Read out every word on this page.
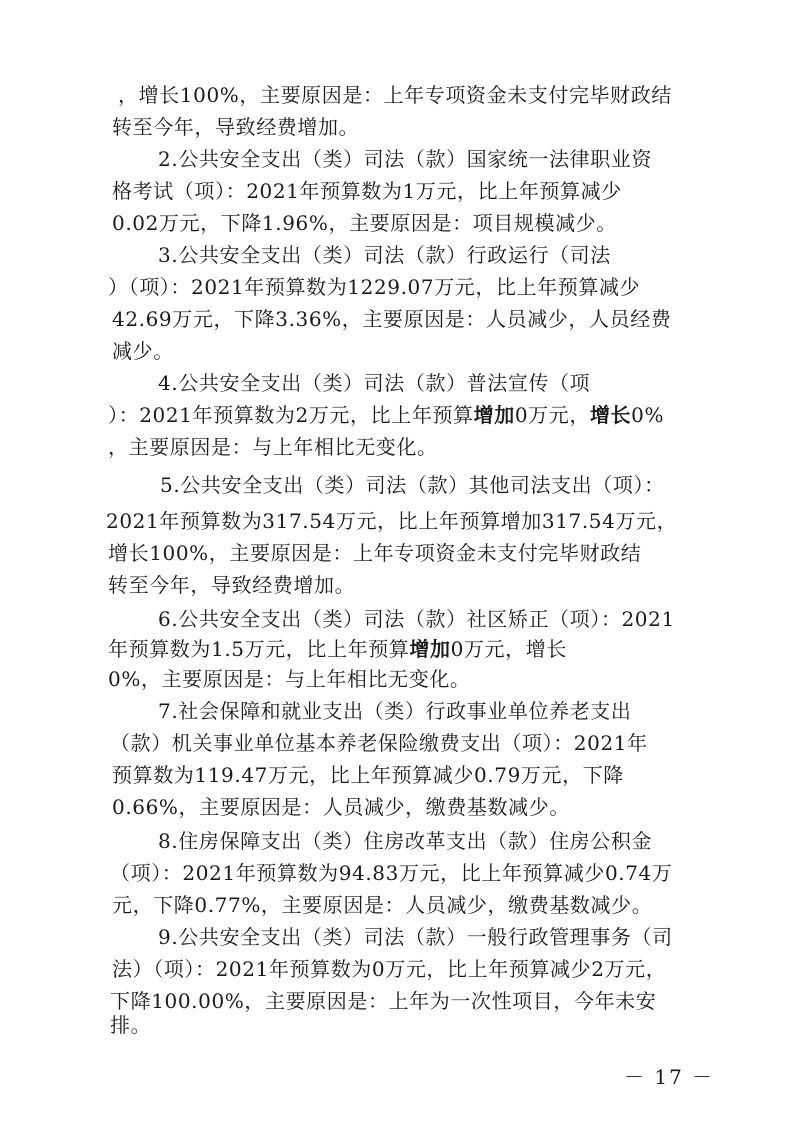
，增长100%，主要原因是：上年专项资金未支付完毕财政结
转至今年，导致经费增加。
2.公共安全支出（类）司法（款）国家统一法律职业资
格考试（项）：2021年预算数为1万元，比上年预算减少
0.02万元，下降1.96%，主要原因是：项目规模减少。
3.公共安全支出（类）司法（款）行政运行（司法
）（项）：2021年预算数为1229.07万元，比上年预算减少
42.69万元，下降3.36%，主要原因是：人员减少，人员经费
减少。
4.公共安全支出（类）司法（款）普法宣传（项
）：2021年预算数为2万元，比上年预算增加0万元，增长0%
，主要原因是：与上年相比无变化。
5.公共安全支出（类）司法（款）其他司法支出（项）：
2021年预算数为317.54万元，比上年预算增加317.54万元，
增长100%，主要原因是：上年专项资金未支付完毕财政结
转至今年，导致经费增加。
6.公共安全支出（类）司法（款）社区矫正（项）：2021
年预算数为1.5万元，比上年预算增加0万元，增长
0%，主要原因是：与上年相比无变化。
7.社会保障和就业支出（类）行政事业单位养老支出
（款）机关事业单位基本养老保险缴费支出（项）：2021年
预算数为119.47万元，比上年预算减少0.79万元，下降
0.66%，主要原因是：人员减少，缴费基数减少。
8.住房保障支出（类）住房改革支出（款）住房公积金
（项）：2021年预算数为94.83万元，比上年预算减少0.74万
元，下降0.77%，主要原因是：人员减少，缴费基数减少。
9.公共安全支出（类）司法（款）一般行政管理事务（司
法）（项）：2021年预算数为0万元，比上年预算减少2万元，
下降100.00%，主要原因是：上年为一次性项目，今年未安
排。
－ 17 －
